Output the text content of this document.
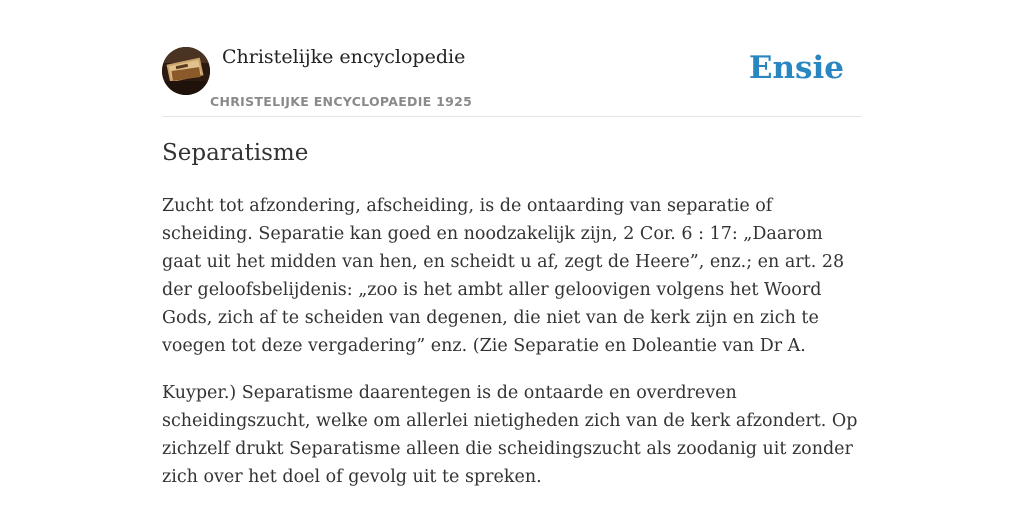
Christelijke encyclopedie
CHRISTELIJKE ENCYCLOPAEDIE 1925
Ensie
Separatisme

Zucht tot afzondering, afscheiding, is de ontaarding van separatie of scheiding. Separatie kan goed en noodzakelijk zijn, 2 Cor. 6 : 17: „Daarom gaat uit het midden van hen, en scheidt u af, zegt de Heere”, enz.; en art. 28 der geloofsbelijdenis: „zoo is het ambt aller geloovigen volgens het Woord Gods, zich af te scheiden van degenen, die niet van de kerk zijn en zich te voegen tot deze vergadering” enz. (Zie Separatie en Doleantie van Dr A.

Kuyper.) Separatisme daarentegen is de ontaarde en overdreven scheidingszucht, welke om allerlei nietigheden zich van de kerk afzondert. Op zichzelf drukt Separatisme alleen die scheidingszucht als zoodanig uit zonder zich over het doel of gevolg uit te spreken.
